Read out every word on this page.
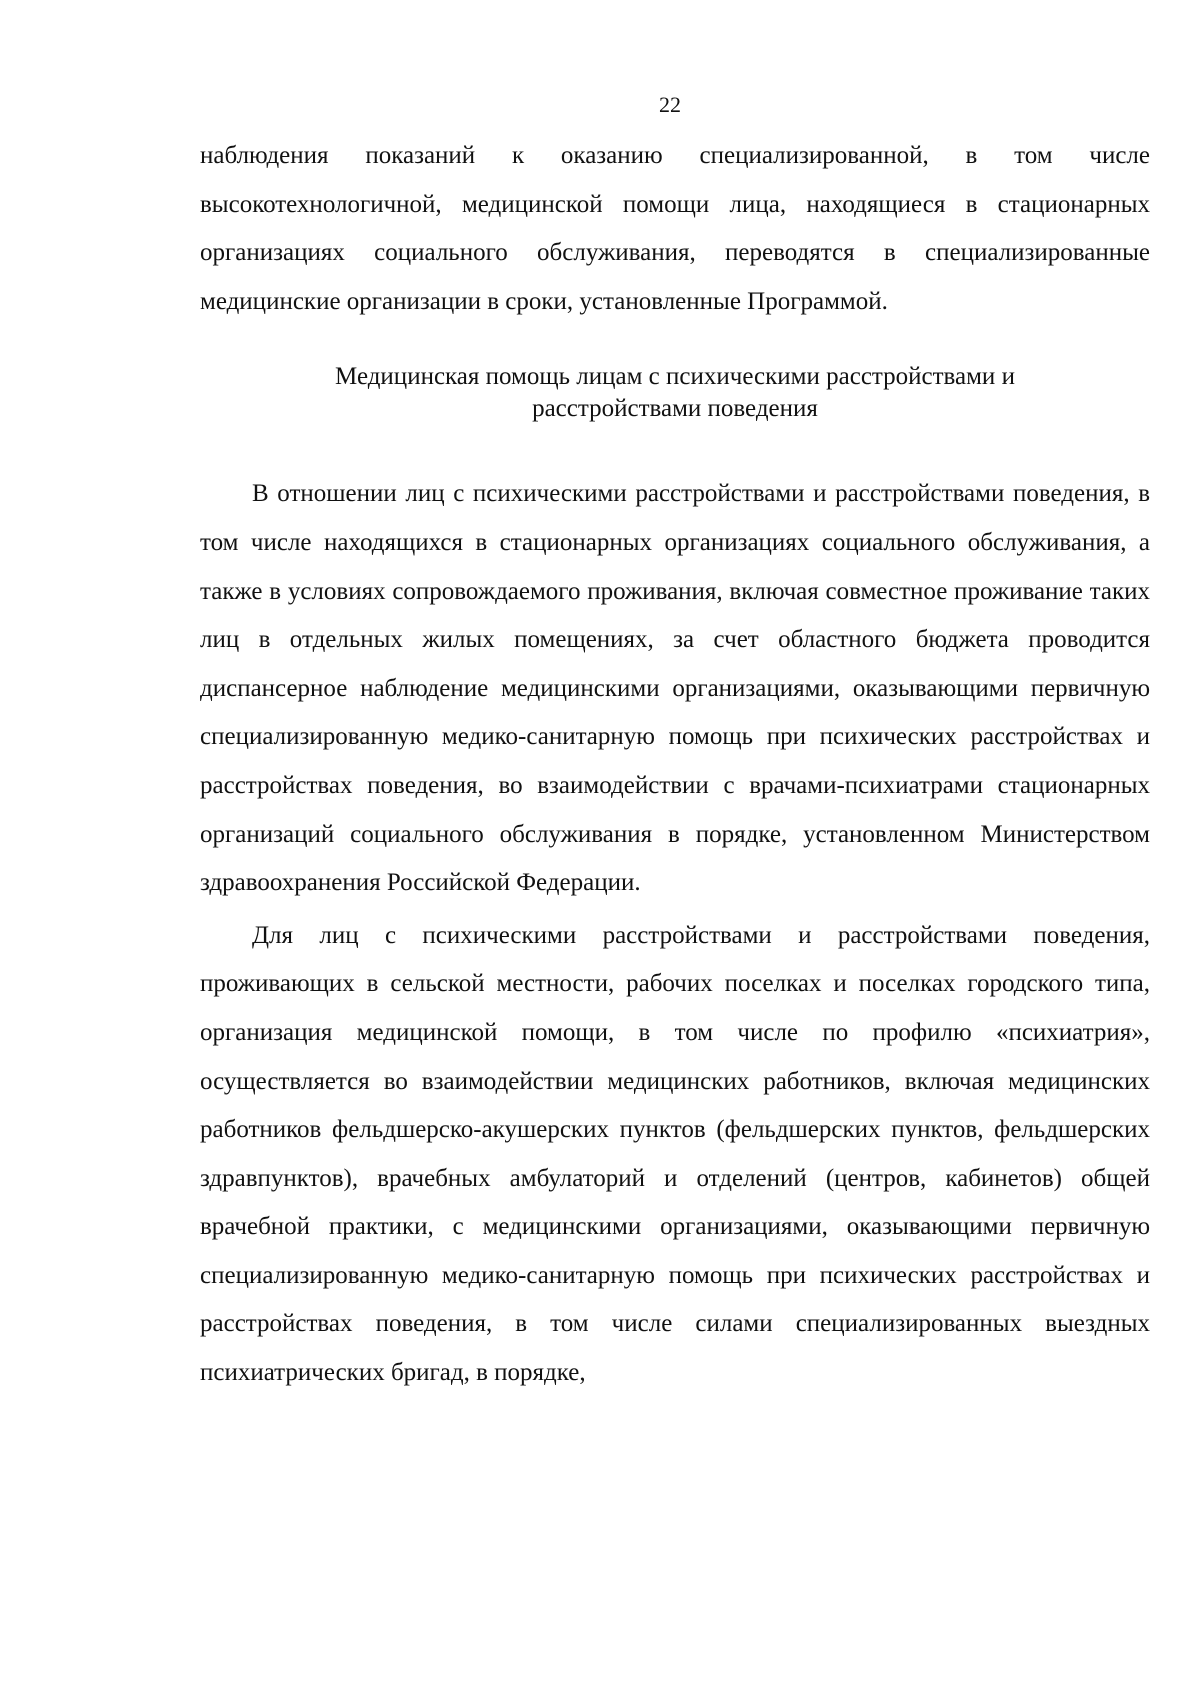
22

наблюдения показаний к оказанию специализированной, в том числе высокотехнологичной, медицинской помощи лица, находящиеся в стационарных организациях социального обслуживания, переводятся в специализированные медицинские организации в сроки, установленные Программой.

Медицинская помощь лицам с психическими расстройствами и
расстройствами поведения

В отношении лиц с психическими расстройствами и расстройствами поведения, в том числе находящихся в стационарных организациях социального обслуживания, а также в условиях сопровождаемого проживания, включая совместное проживание таких лиц в отдельных жилых помещениях, за счет областного бюджета проводится диспансерное наблюдение медицинскими организациями, оказывающими первичную специализированную медико-санитарную помощь при психических расстройствах и расстройствах поведения, во взаимодействии с врачами-психиатрами стационарных организаций социального обслуживания в порядке, установленном Министерством здравоохранения Российской Федерации.

Для лиц с психическими расстройствами и расстройствами поведения, проживающих в сельской местности, рабочих поселках и поселках городского типа, организация медицинской помощи, в том числе по профилю «психиатрия», осуществляется во взаимодействии медицинских работников, включая медицинских работников фельдшерско-акушерских пунктов (фельдшерских пунктов, фельдшерских здравпунктов), врачебных амбулаторий и отделений (центров, кабинетов) общей врачебной практики, с медицинскими организациями, оказывающими первичную специализированную медико-санитарную помощь при психических расстройствах и расстройствах поведения, в том числе силами специализированных выездных психиатрических бригад, в порядке,
